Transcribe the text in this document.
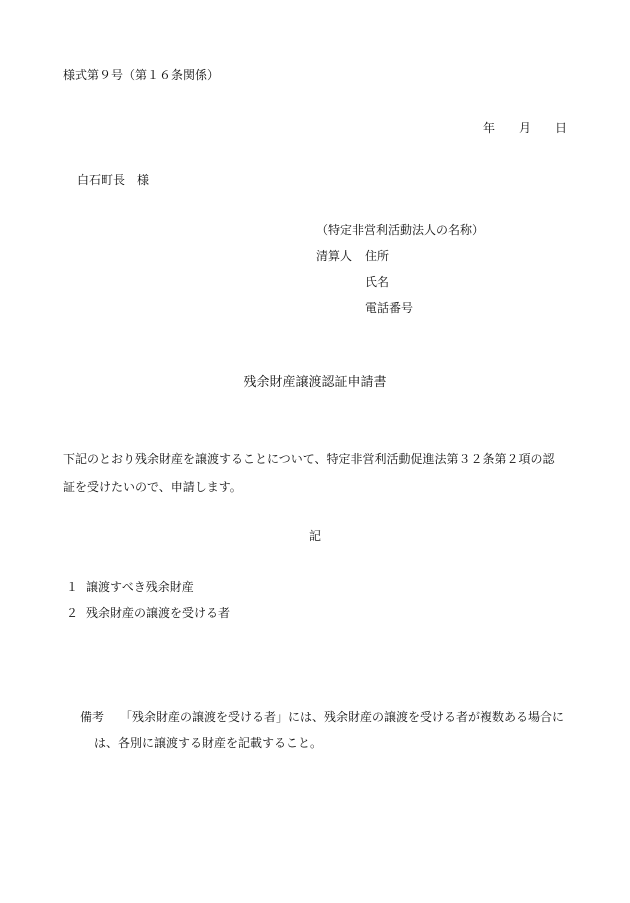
様式第９号（第１６条関係）
年 月 日
白石町長　様
（特定非営利活動法人の名称）
清算人 住所
氏名
電話番号
残余財産譲渡認証申請書
下記のとおり残余財産を譲渡することについて、特定非営利活動促進法第３２条第２項の認
証を受けたいので、申請します。
記
１ 譲渡すべき残余財産
２ 残余財産の譲渡を受ける者
備考 「残余財産の譲渡を受ける者」には、残余財産の譲渡を受ける者が複数ある場合に
は、各別に譲渡する財産を記載すること。
